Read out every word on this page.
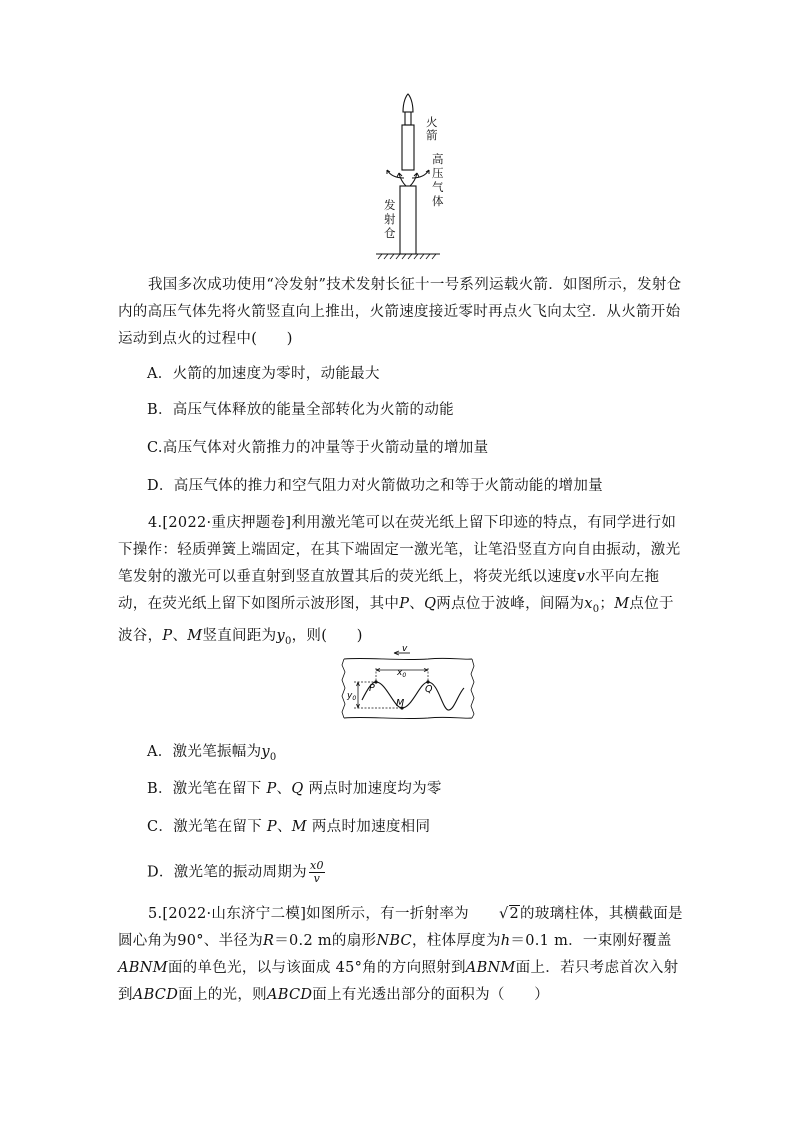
火箭
高压气体
发射仓
我国多次成功使用“冷发射”技术发射长征十一号系列运载火箭．如图所示，发射仓内的高压气体先将火箭竖直向上推出，火箭速度接近零时再点火飞向太空．从火箭开始运动到点火的过程中(　　)
A．火箭的加速度为零时，动能最大
B．高压气体释放的能量全部转化为火箭的动能
C.高压气体对火箭推力的冲量等于火箭动量的增加量
D．高压气体的推力和空气阻力对火箭做功之和等于火箭动能的增加量
4.[2022·重庆押题卷]利用激光笔可以在荧光纸上留下印迹的特点，有同学进行如下操作：轻质弹簧上端固定，在其下端固定一激光笔，让笔沿竖直方向自由振动，激光笔发射的激光可以垂直射到竖直放置其后的荧光纸上，将荧光纸以速度v水平向左拖动，在荧光纸上留下如图所示波形图，其中P、Q两点位于波峰，间隔为$x_0$；M点位于波谷，P、M竖直间距为$y_0$，则(　　)
v
$x_0$
$y_0$
P	Q
M
A．激光笔振幅为$y_0$
B．激光笔在留下 P、Q 两点时加速度均为零
C．激光笔在留下 P、M 两点时加速度相同
D．激光笔的振动周期为 $\frac{x0}{v}$
5.[2022·山东济宁二模]如图所示，有一折射率为 √2的玻璃柱体，其横截面是圆心角为90°、半径为R＝0.2 m的扇形NBC，柱体厚度为h＝0.1 m．一束刚好覆盖ABNM面的单色光，以与该面成 45°角的方向照射到ABNM面上．若只考虑首次入射到ABCD面上的光，则ABCD面上有光透出部分的面积为（　　）
